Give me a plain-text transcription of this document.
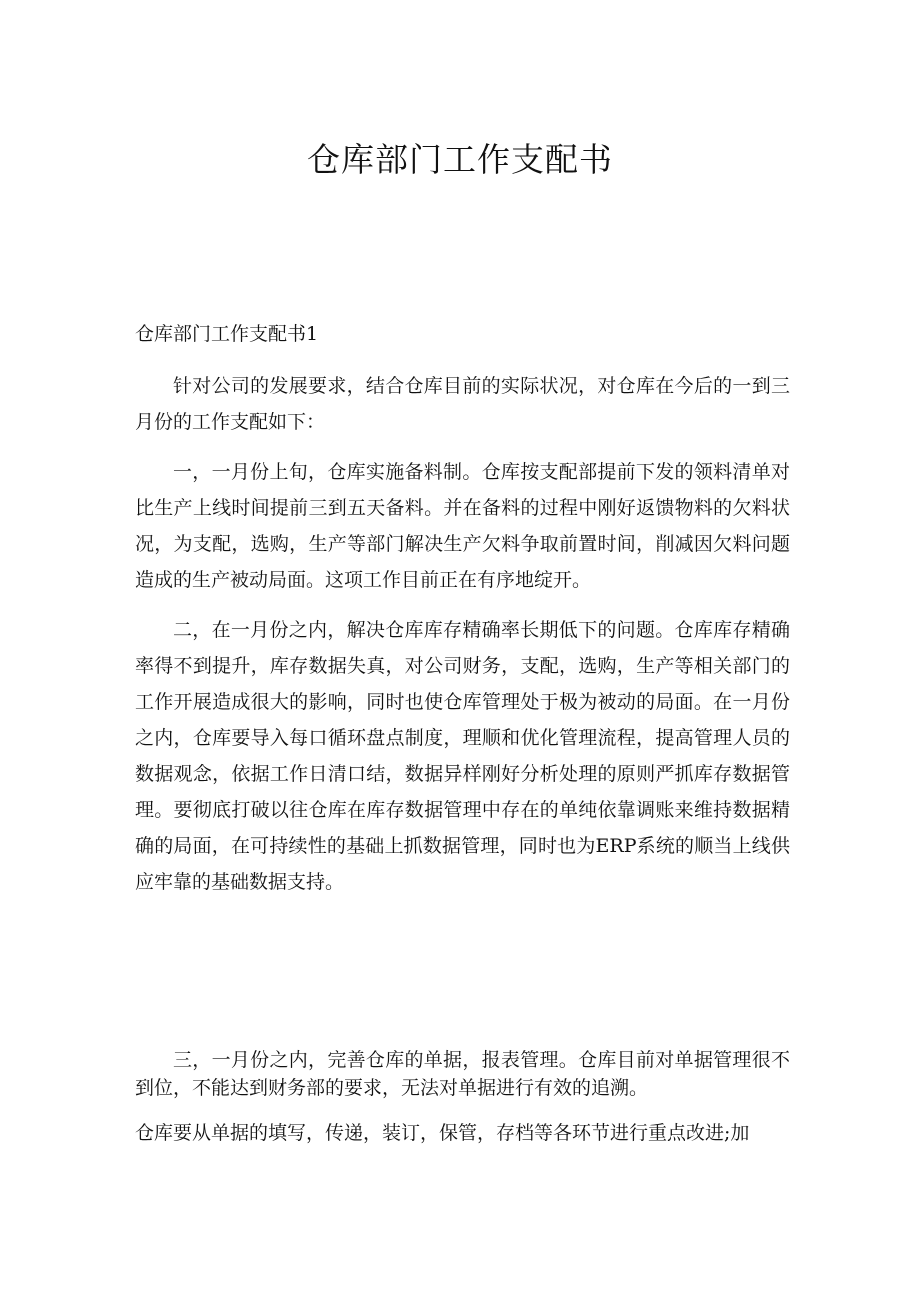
仓库部门工作支配书

仓库部门工作支配书1

针对公司的发展要求，结合仓库目前的实际状况，对仓库在今后的一到三月份的工作支配如下：

一，一月份上旬，仓库实施备料制。仓库按支配部提前下发的领料清单对比生产上线时间提前三到五天备料。并在备料的过程中刚好返馈物料的欠料状况，为支配，选购，生产等部门解决生产欠料争取前置时间，削减因欠料问题造成的生产被动局面。这项工作目前正在有序地绽开。

二，在一月份之内，解决仓库库存精确率长期低下的问题。仓库库存精确率得不到提升，库存数据失真，对公司财务，支配，选购，生产等相关部门的工作开展造成很大的影响，同时也使仓库管理处于极为被动的局面。在一月份之内，仓库要导入每口循环盘点制度，理顺和优化管理流程，提高管理人员的数据观念，依据工作日清口结，数据异样刚好分析处理的原则严抓库存数据管理。要彻底打破以往仓库在库存数据管理中存在的单纯依靠调账来维持数据精确的局面，在可持续性的基础上抓数据管理，同时也为ERP系统的顺当上线供应牢靠的基础数据支持。

三，一月份之内，完善仓库的单据，报表管理。仓库目前对单据管理很不到位，不能达到财务部的要求，无法对单据进行有效的追溯。

仓库要从单据的填写，传递，装订，保管，存档等各环节进行重点改进;加
